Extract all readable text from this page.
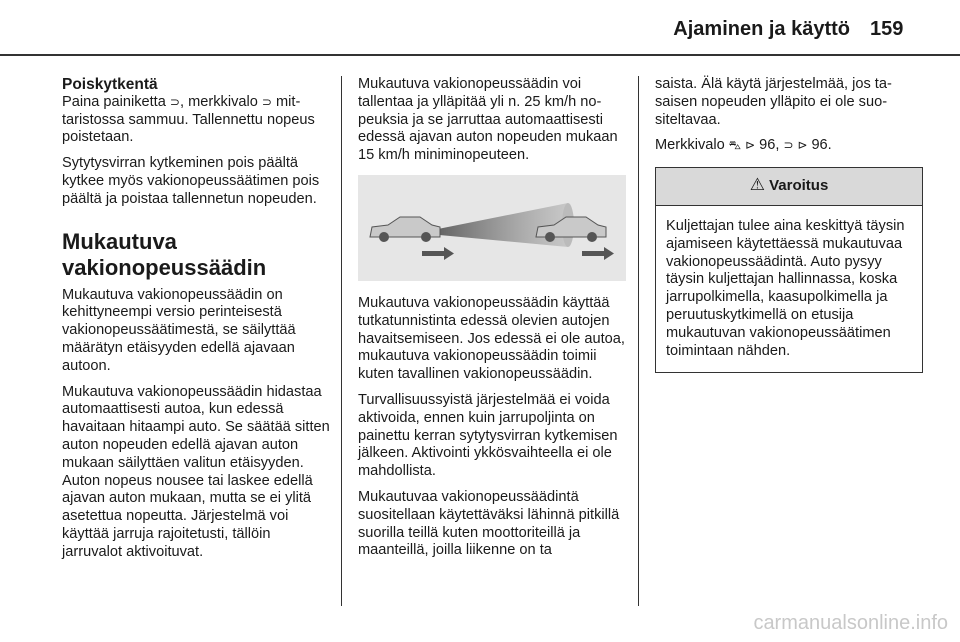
Ajaminen ja käyttö 159
Poiskytkentä

Paina painiketta ⊃, merkkivalo ⊃ mittaristossa sammuu. Tallennettu nopeus poistetaan.

Sytytysvirran kytkeminen pois päältä kytkee myös vakionopeussäätimen pois päältä ja poistaa tallennetun nopeuden.

Mukautuva vakionopeussäädin

Mukautuva vakionopeussäädin on kehittyneempi versio perinteisestä vakionopeussäätimestä, se säilyttää määrätyn etäisyyden edellä ajavaan autoon.

Mukautuva vakionopeussäädin hidastaa automaattisesti autoa, kun edessä havaitaan hitaampi auto. Se säätää sitten auton nopeuden edellä ajavan auton mukaan säilyttäen valitun etäisyyden. Auton nopeus nousee tai laskee edellä ajavan auton mukaan, mutta se ei ylitä asetettua nopeutta. Järjestelmä voi käyttää jarruja rajoitetusti, tällöin jarruvalot aktivoituvat.

Mukautuva vakionopeussäädin voi tallentaa ja ylläpitää yli n. 25 km/h nopeuksia ja se jarruttaa automaattisesti edessä ajavan auton nopeuden mukaan 15 km/h miniminopeuteen.

Mukautuva vakionopeussäädin käyttää tutkatunnistinta edessä olevien autojen havaitsemiseen. Jos edessä ei ole autoa, mukautuva vakionopeussäädin toimii kuten tavallinen vakionopeussäädin.

Turvallisuussyistä järjestelmää ei voida aktivoida, ennen kuin jarrupoljinta on painettu kerran sytytysvirran kytkemisen jälkeen. Aktivointi ykkösvaihteella ei ole mahdollista.

Mukautuvaa vakionopeussäädintä suositellaan käytettäväksi lähinnä pitkillä suorilla teillä kuten moottoriteillä ja maanteillä, joilla liikenne on ta

saista. Älä käytä järjestelmää, jos tasaisen nopeuden ylläpito ei ole suositeltavaa.

Merkkivalo ⛍ ⊳ 96, ⊃ ⊳ 96.

⚠ Varoitus
Kuljettajan tulee aina keskittyä täysin ajamiseen käytettäessä mukautuvaa vakionopeussäädintä. Auto pysyy täysin kuljettajan hallinnassa, koska jarrupolkimella, kaasupolkimella ja peruutuskytkimellä on etusija mukautuvan vakionopeussäätimen toimintaan nähden.
carmanualsonline.info
